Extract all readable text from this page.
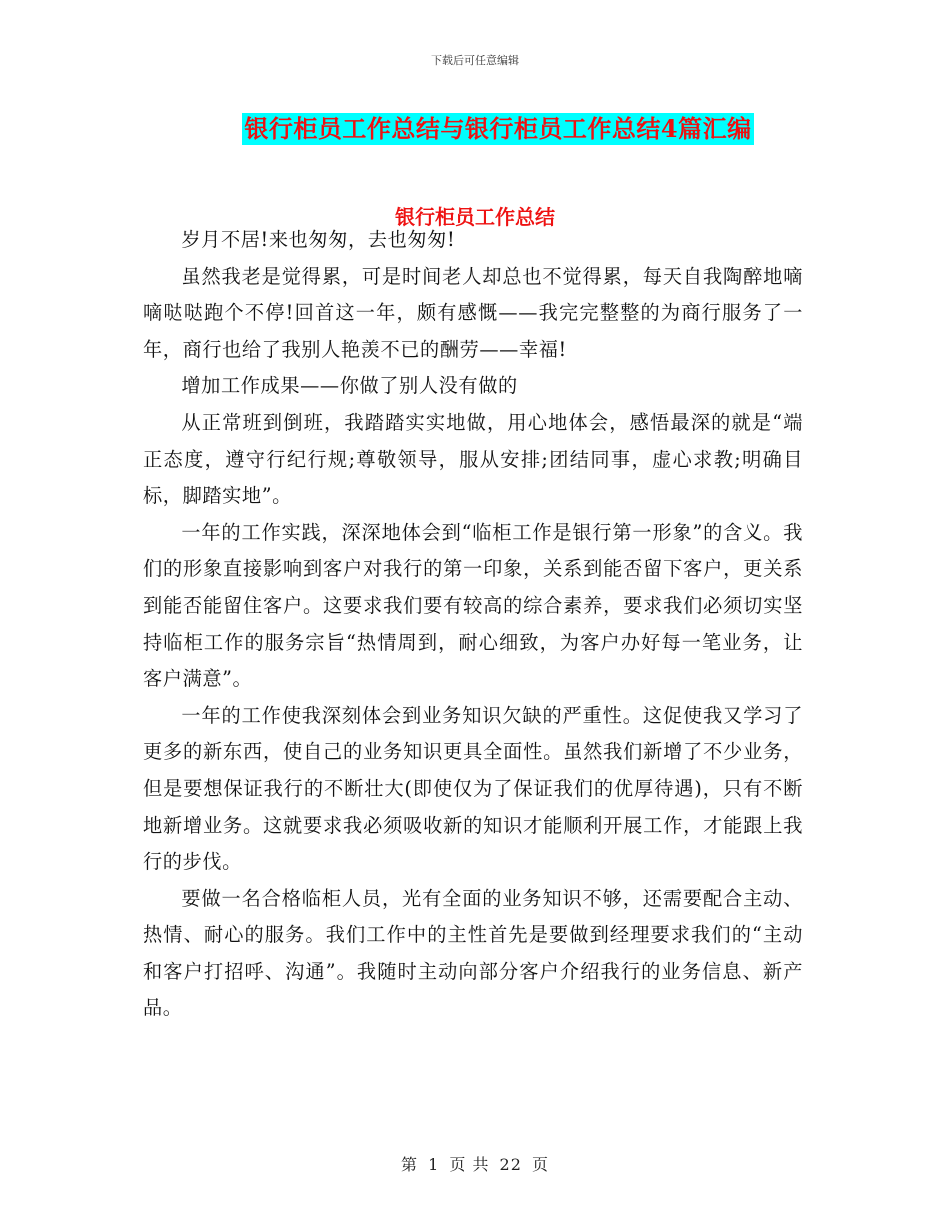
下载后可任意编辑
银行柜员工作总结与银行柜员工作总结4篇汇编
银行柜员工作总结

岁月不居!来也匆匆，去也匆匆!

虽然我老是觉得累，可是时间老人却总也不觉得累，每天自我陶醉地嘀嘀哒哒跑个不停!回首这一年，颇有感慨——我完完整整的为商行服务了一年，商行也给了我别人艳羡不已的酬劳——幸福!

增加工作成果——你做了别人没有做的

从正常班到倒班，我踏踏实实地做，用心地体会，感悟最深的就是“端正态度，遵守行纪行规;尊敬领导，服从安排;团结同事，虚心求教;明确目标，脚踏实地”。

一年的工作实践，深深地体会到“临柜工作是银行第一形象”的含义。我们的形象直接影响到客户对我行的第一印象，关系到能否留下客户，更关系到能否能留住客户。这要求我们要有较高的综合素养，要求我们必须切实坚持临柜工作的服务宗旨“热情周到，耐心细致，为客户办好每一笔业务，让客户满意”。

一年的工作使我深刻体会到业务知识欠缺的严重性。这促使我又学习了更多的新东西，使自己的业务知识更具全面性。虽然我们新增了不少业务，但是要想保证我行的不断壮大(即使仅为了保证我们的优厚待遇)，只有不断地新增业务。这就要求我必须吸收新的知识才能顺利开展工作，才能跟上我行的步伐。

要做一名合格临柜人员，光有全面的业务知识不够，还需要配合主动、热情、耐心的服务。我们工作中的主性首先是要做到经理要求我们的“主动和客户打招呼、沟通”。我随时主动向部分客户介绍我行的业务信息、新产品。

第 1 页 共 22 页
